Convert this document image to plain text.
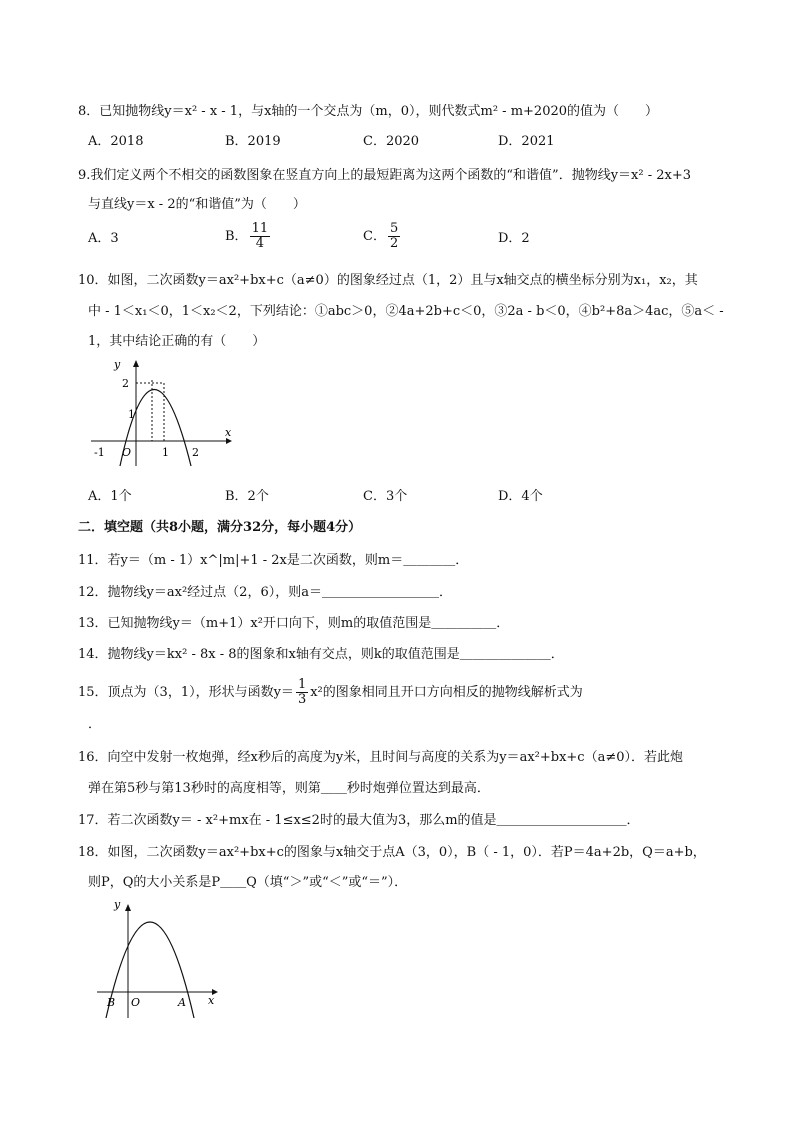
8．已知抛物线y＝x² - x - 1，与x轴的一个交点为（m，0），则代数式m² - m+2020的值为（　　）
A．2018	B．2019	C．2020	D．2021
9.我们定义两个不相交的函数图象在竖直方向上的最短距离为这两个函数的“和谐值”．抛物线y＝x² - 2x+3
与直线y＝x - 2的“和谐值”为（　　）
A．3	B． $\frac{11}{4}$	C． $\frac{5}{2}$	D．2
10．如图，二次函数y＝ax²+bx+c（a≠0）的图象经过点（1，2）且与x轴交点的横坐标分别为x₁，x₂，其
中 - 1＜x₁＜0，1＜x₂＜2，下列结论：①abc＞0，②4a+2b+c＜0，③2a - b＜0，④b²+8a＞4ac，⑤a＜ -
1，其中结论正确的有（　　）
y
x
2
1
-1 O	1 2
A．1个	B．2个	C．3个	D．4个
二．填空题（共8小题，满分32分，每小题4分）
11．若y＝（m - 1）x^|m|+1 - 2x是二次函数，则m＝＿＿＿＿．
12．抛物线y＝ax²经过点（2，6），则a＝＿＿＿＿＿＿＿＿＿．
13．已知抛物线y＝（m+1）x²开口向下，则m的取值范围是＿＿＿＿＿．
14．抛物线y＝kx² - 8x - 8的图象和x轴有交点，则k的取值范围是＿＿＿＿＿＿＿．
15．顶点为（3，1），形状与函数$y= \frac{1}{3} x^2$的图象相同且开口方向相反的抛物线解析式为
．
16．向空中发射一枚炮弹，经x秒后的高度为y米，且时间与高度的关系为y＝ax²+bx+c（a≠0）．若此炮
弹在第5秒与第13秒时的高度相等，则第＿＿秒时炮弹位置达到最高．
17．若二次函数y＝ - x²+mx在 - 1≤x≤2时的最大值为3，那么m的值是＿＿＿＿＿＿＿＿＿＿．
18．如图，二次函数y＝ax²+bx+c的图象与x轴交于点A（3，0），B（ - 1，0）．若P＝4a+2b，Q＝a+b，
则P，Q的大小关系是P＿＿Q（填“＞”或“＜”或“＝”）．
y
x
B O	A
